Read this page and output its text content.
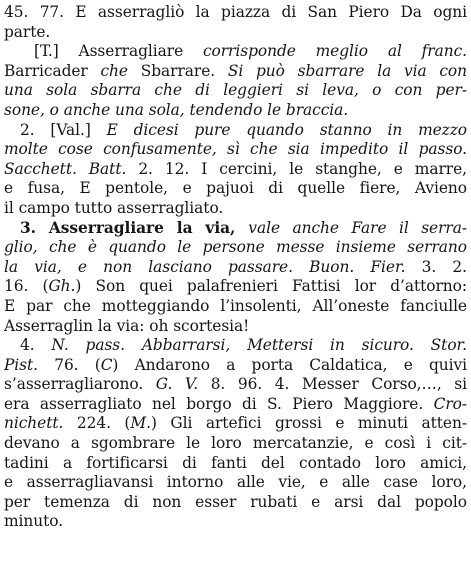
45. 77. E asserragliò la piazza di San Piero Da ogni
parte.
[T.] Asserragliare corrisponde meglio al franc.
Barricader che Sbarrare. Si può sbarrare la via con
una sola sbarra che di leggieri si leva, o con per-
sone, o anche una sola, tendendo le braccia.
2. [Val.] E dicesi pure quando stanno in mezzo
molte cose confusamente, sì che sia impedito il passo.
Sacchett. Batt. 2. 12. I cercini, le stanghe, e marre,
e fusa, E pentole, e pajuoi di quelle fiere, Avieno
il campo tutto asserragliato.
3. Asserragliare la via, vale anche Fare il serra-
glio, che è quando le persone messe insieme serrano
la via, e non lasciano passare. Buon. Fier. 3. 2.
16. (Gh.) Son quei palafrenieri Fattisi lor d’attorno:
E par che motteggiando l’insolenti, All’oneste fanciulle
Asserraglin la via: oh scortesia!
4. N. pass. Abbarrarsi, Mettersi in sicuro. Stor.
Pist. 76. (C) Andarono a porta Caldatica, e quivi
s’asserragliarono. G. V. 8. 96. 4. Messer Corso,…, si
era asserragliato nel borgo di S. Piero Maggiore. Cro-
nichett. 224. (M.) Gli artefici grossi e minuti atten-
devano a sgombrare le loro mercatanzie, e così i cit-
tadini a fortificarsi di fanti del contado loro amici,
e asserragliavansi intorno alle vie, e alle case loro,
per temenza di non esser rubati e arsi dal popolo
minuto.
